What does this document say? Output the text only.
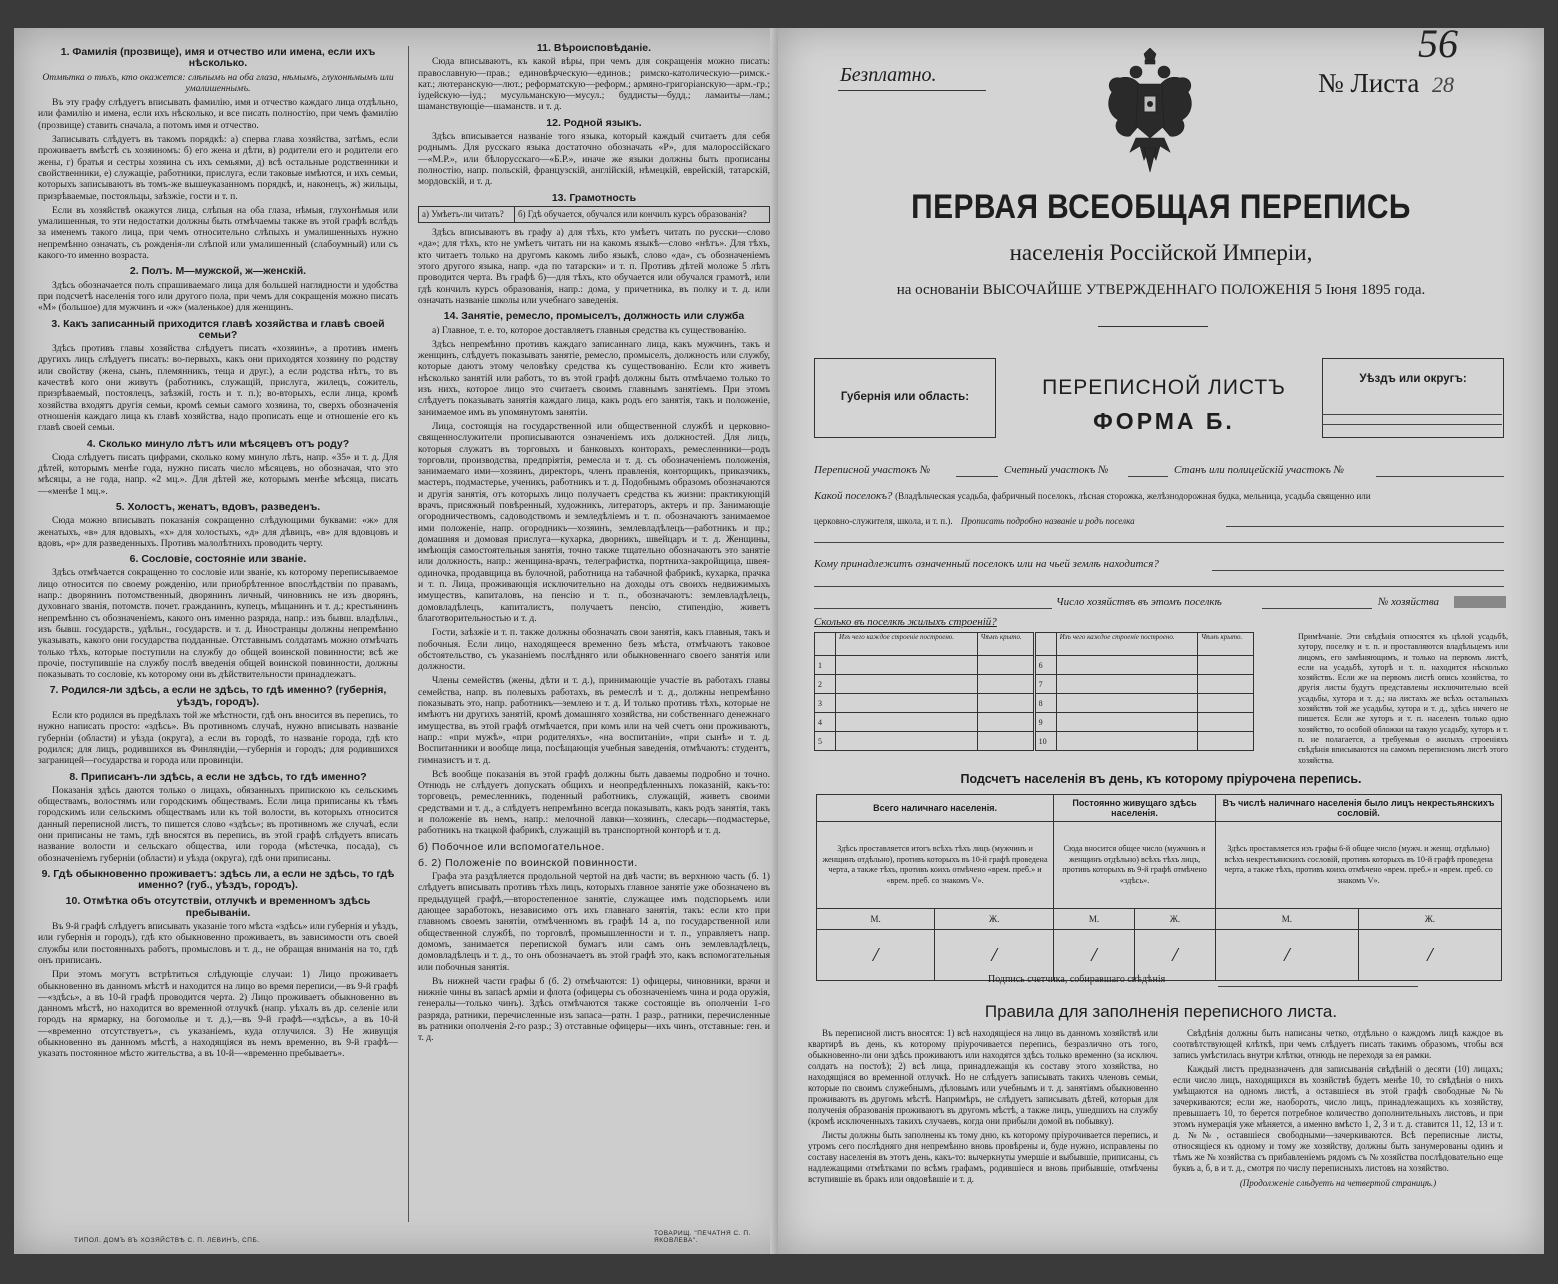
1. Фамилія (прозвище), имя и отчество или имена, если ихъ нѣсколько.
Отмѣтка о тѣхъ, кто окажется: слѣпымъ на оба глаза, нѣмымъ, глухонѣмымъ или умалишеннымъ.

Въ эту графу слѣдуетъ вписывать фамилію, имя и отчество каждаго лица отдѣльно, или фамилію и имена, если ихъ нѣсколько, и все писать полностію, при чемъ фамилію (прозвище) ставить сначала, а потомъ имя и отчество.

Записывать слѣдуетъ въ такомъ порядкѣ: а) сперва глава хозяйства, затѣмъ, если проживаетъ вмѣстѣ съ хозяиномъ: б) его жена и дѣти, в) родители его и родители его жены, г) братья и сестры хозяина съ ихъ семьями, д) всѣ остальные родственники и свойственники, е) служащіе, работники, прислуга, если таковые имѣются, и ихъ семьи, которыхъ записываютъ въ томъ-же вышеуказанномъ порядкѣ, и, наконецъ, ж) жильцы, призрѣваемые, постояльцы, заѣзжіе, гости и т. п.

Если въ хозяйствѣ окажутся лица, слѣпыя на оба глаза, нѣмыя, глухонѣмыя или умалишенныя, то эти недостатки должны быть отмѣчаемы также въ этой графѣ вслѣдъ за именемъ такого лица, при чемъ относительно слѣпыхъ и умалишенныхъ нужно непремѣнно означать, съ рожденія-ли слѣпой или умалишенный (слабоумный) или съ какого-то именно возраста.

2. Полъ. М—мужской, ж—женскій.

Здѣсь обозначается полъ спрашиваемаго лица для большей наглядности и удобства при подсчетѣ населенія того или другого пола, при чемъ для сокращенія можно писать «М» (большое) для мужчинъ и «ж» (маленькое) для женщинъ.

3. Какъ записанный приходится главѣ хозяйства и главѣ своей семьи?

Здѣсь противъ главы хозяйства слѣдуетъ писать «хозяинъ», а противъ именъ другихъ лицъ слѣдуетъ писать: во-первыхъ, какъ они приходятся хозяину по родству или свойству (жена, сынъ, племянникъ, теща и друг.), а если родства нѣтъ, то въ качествѣ кого они живутъ (работникъ, служащій, прислуга, жилецъ, сожитель, призрѣваемый, постоялецъ, заѣзжій, гость и т. п.); во-вторыхъ, если лица, кромѣ хозяйства входятъ другія семьи, кромѣ семьи самого хозяина, то, сверхъ обозначенія отношенія каждаго лица къ главѣ хозяйства, надо прописать еще и отношеніе его къ главѣ своей семьи.

4. Сколько минуло лѣтъ или мѣсяцевъ отъ роду?

Сюда слѣдуетъ писать цифрами, сколько кому минуло лѣтъ, напр. «35» и т. д. Для дѣтей, которымъ менѣе года, нужно писать число мѣсяцевъ, но обозначая, что это мѣсяцы, а не года, напр. «2 мц.». Для дѣтей же, которымъ менѣе мѣсяца, писать—«менѣе 1 мц.».

5. Холостъ, женатъ, вдовъ, разведенъ.

Сюда можно вписывать показанія сокращенно слѣдующими буквами: «ж» для женатыхъ, «в» для вдовыхъ, «х» для холостыхъ, «д» для дѣвицъ, «в» для вдовцовъ и вдовъ, «р» для разведенныхъ. Противъ малолѣтнихъ проводить черту.

6. Сословіе, состояніе или званіе.

Здѣсь отмѣчается сокращенно то сословіе или званіе, къ которому переписываемое лицо относится по своему рожденію, или приобрѣтенное впослѣдствіи по правамъ, напр.: дворянинъ потомственный, дворянинъ личный, чиновникъ не изъ дворянъ, духовнаго званія, потомств. почет. гражданинъ, купецъ, мѣщанинъ и т. д.; крестьянинъ непремѣнно съ обозначеніемъ, какого онъ именно разряда, напр.: изъ бывш. владѣльч., изъ бывш. государств., удѣльн., государств. и т. д. Иностранцы должны непремѣнно указывать, какого они государства подданные. Отставнымъ солдатамъ можно отмѣчать только тѣхъ, которые поступили на службу до общей воинской повинности; всѣ же прочіе, поступившіе на службу послѣ введенія общей воинской повинности, должны показывать то сословіе, къ которому они въ дѣйствительности принадлежатъ.

7. Родился-ли здѣсь, а если не здѣсь, то гдѣ именно? (губернія, уѣздъ, городъ).

Если кто родился въ предѣлахъ той же мѣстности, гдѣ онъ вносится въ перепись, то нужно написать просто: «здѣсь». Въ противномъ случаѣ, нужно вписывать названіе губерніи (области) и уѣзда (округа), а если въ городѣ, то названіе города, гдѣ кто родился; для лицъ, родившихся въ Финляндіи,—губернія и городъ; для родившихся заграницей—государства и города или провинціи.

8. Приписанъ-ли здѣсь, а если не здѣсь, то гдѣ именно?

Показанія здѣсь даются только о лицахъ, обязанныхъ припискою къ сельскимъ обществамъ, волостямъ или городскимъ обществамъ. Если лица приписаны къ тѣмъ городскимъ или сельскимъ обществамъ или къ той волости, въ которыхъ относится данный переписной листъ, то пишется слово «здѣсь»; въ противномъ же случаѣ, если они приписаны не тамъ, гдѣ вносятся въ перепись, въ этой графѣ слѣдуетъ вписать название волости и сельскаго общества, или города (мѣстечка, посада), съ обозначеніемъ губерніи (области) и уѣзда (округа), гдѣ они приписаны.

9. Гдѣ обыкновенно проживаетъ: здѣсь ли, а если не здѣсь, то гдѣ именно? (губ., уѣздъ, городъ).
10. Отмѣтка объ отсутствіи, отлучкѣ и временномъ здѣсь пребываніи.

Въ 9-й графѣ слѣдуетъ вписывать указаніе того мѣста «здѣсь» или губернія и уѣздъ, или губернія и городъ), гдѣ кто обыкновенно проживаетъ, въ зависимости отъ своей службы или постоянныхъ работъ, промысловъ и т. д., не обращая вниманія на то, гдѣ онъ приписанъ.

При этомъ могутъ встрѣтиться слѣдующіе случаи: 1) Лицо проживаетъ обыкновенно въ данномъ мѣстѣ и находится на лицо во время переписи,—въ 9-й графѣ—«здѣсь», а въ 10-й графѣ проводится черта. 2) Лицо проживаетъ обыкновенно въ данномъ мѣстѣ, но находится во временной отлучкѣ (напр. уѣхалъ въ др. селеніе или городъ на ярмарку, на богомолье и т. д.),—въ 9-й графѣ—«здѣсь», а въ 10-й—«временно отсутствуетъ», съ указаніемъ, куда отлучился. 3) Не живущія обыкновенно въ данномъ мѣстѣ, а находящіяся въ немъ временно, въ 9-й графѣ—указать постоянное мѣсто жительства, а въ 10-й—«временно пребываетъ».

11. Вѣроисповѣданіе.

Сюда вписываютъ, къ какой вѣры, при чемъ для сокращенія можно писать: православную—прав.; единовѣрческую—единов.; римско-католическую—римск.-кат.; лютеранскую—лют.; реформатскую—реформ.; армяно-григоріанскую—арм.-гр.; іудейскую—іуд.; мусульманскую—мусул.; буддисты—будд.; ламаиты—лам.; шаманствующіе—шаманств. и т. д.

12. Родной языкъ.

Здѣсь вписывается названіе того языка, который каждый считаетъ для себя роднымъ. Для русскаго языка достаточно обозначать «Р», для малороссійскаго—«М.Р.», или бѣлорусскаго—«Б.Р.», иначе же языки должны быть прописаны полностію, напр. польскій, французскій, англійскій, нѣмецкій, еврейскій, татарскій, мордовскій, и т. д.

13. Грамотность
а) Умѣетъ-ли читать?	б) Гдѣ обучается, обучался или кончилъ курсъ образованія?

Здѣсь вписываютъ въ графу а) для тѣхъ, кто умѣетъ читать по русски—слово «да»; для тѣхъ, кто не умѣетъ читать ни на какомъ языкѣ—слово «нѣтъ». Для тѣхъ, кто читаетъ только на другомъ какомъ либо языкѣ, слово «да», съ обозначеніемъ этого другого языка, напр. «да по татарски» и т. п. Противъ дѣтей моложе 5 лѣтъ проводится черта. Въ графѣ б)—для тѣхъ, кто обучается или обучался грамотѣ, или гдѣ кончилъ курсъ образованія, напр.: дома, у причетника, въ полку и т. д. или означать названіе школы или учебнаго заведенія.

14. Занятіе, ремесло, промыселъ, должность или служба

а) Главное, т. е. то, которое доставляетъ главныя средства къ существованію.

Здѣсь непремѣнно противъ каждаго записаннаго лица, какъ мужчинъ, такъ и женщинъ, слѣдуетъ показывать занятіе, ремесло, промыселъ, должность или службу, которые даютъ этому человѣку средства къ существованію. Если кто живетъ нѣсколько занятій или работъ, то въ этой графѣ должны быть отмѣчаемо только то изъ нихъ, которое лицо это считаетъ своимъ главнымъ занятіемъ. При этомъ слѣдуетъ показывать занятія каждаго лица, какъ родъ его занятія, такъ и положеніе, занимаемое имъ въ упомянутомъ занятіи.

Лица, состоящія на государственной или общественной службѣ и церковно-священнослужители прописываются означеніемъ ихъ должностей. Для лицъ, которыя служатъ въ торговыхъ и банковыхъ конторахъ, ремесленники—родъ торговли, производства, предпріятія, ремесла и т. д. съ обозначеніемъ положенія, занимаемаго ими—хозяинъ, директоръ, членъ правленія, конторщикъ, приказчикъ, мастеръ, подмастерье, ученикъ, работникъ и т. д. Подобнымъ образомъ обозначаются и другія занятія, отъ которыхъ лицо получаетъ средства къ жизни: практикующій врачъ, присяжный повѣренный, художникъ, литераторъ, актеръ и пр. Занимающіе огородничествомъ, садоводствомъ и земледѣліемъ и т. п. обозначаютъ занимаемое ими положеніе, напр. огородникъ—хозяинъ, землевладѣлецъ—работникъ и пр.; домашняя и домовая прислуга—кухарка, дворникъ, швейцаръ и т. д. Женщины, имѣющія самостоятельныя занятія, точно также тщательно обозначаютъ это занятіе или должность, напр.: женщина-врачъ, телеграфистка, портниха-закройщица, швея-одиночка, продавщица въ булочной, работница на табачной фабрикѣ, кухарка, прачка и т. п. Лица, проживающія исключительно на доходы отъ своихъ недвижимыхъ имуществъ, капиталовъ, на пенсію и т. п., обозначаютъ: землевладѣлецъ, домовладѣлецъ, капиталистъ, получаетъ пенсію, стипендію, живетъ благотворительностью и т. д.

Гости, заѣзжіе и т. п. также должны обозначать свои занятія, какъ главныя, такъ и побочныя. Если лицо, находящееся временно безъ мѣста, отмѣчаютъ таковое обстоятельство, съ указаніемъ послѣдняго или обыкновеннаго своего занятія или должности.

Члены семействъ (жены, дѣти и т. д.), принимающіе участіе въ работахъ главы семейства, напр. въ полевыхъ работахъ, въ ремеслѣ и т. д., должны непремѣнно показывать это, напр. работникъ—землею и т. д. И только противъ тѣхъ, которые не имѣютъ ни другихъ занятій, кромѣ домашняго хозяйства, ни собственнаго денежнаго имущества, въ этой графѣ отмѣчается, при комъ или на чей счетъ они проживаютъ, напр.: «при мужѣ», «при родителяхъ», «на воспитаніи», «при сынѣ» и т. д. Воспитанники и вообще лица, посѣщающія учебныя заведенія, отмѣчаютъ: студентъ, гимназистъ и т. д.

Всѣ вообще показанія въ этой графѣ должны быть даваемы подробно и точно. Отнюдь не слѣдуетъ допускать общихъ и неопредѣленныхъ показаній, какъ-то: торговецъ, ремесленникъ, поденный работникъ, служащій, живетъ своими средствами и т. д., а слѣдуетъ непремѣнно всегда показывать, какъ родъ занятія, такъ и положеніе въ немъ, напр.: мелочной лавки—хозяинъ, слесарь—подмастерье, работникъ на ткацкой фабрикѣ, служащій въ транспортной конторѣ и т. д.

б) Побочное или вспомогательное.
б. 2) Положеніе по воинской повинности.

Графа эта раздѣляется продольной чертой на двѣ части; въ верхнюю часть (б. 1) слѣдуетъ вписывать противъ тѣхъ лицъ, которыхъ главное занятіе уже обозначено въ предыдущей графѣ,—второстепенное занятіе, служащее имъ подспорьемъ или дающее заработокъ, независимо отъ ихъ главнаго занятія, такъ: если кто при главномъ своемъ занятіи, отмѣченномъ въ графѣ 14 а, по государственной или общественной службѣ, по торговлѣ, промышленности и т. п., управляетъ напр. домомъ, занимается перепиской бумагъ или самъ онъ землевладѣлецъ, домовладѣлецъ и т. д., то онъ обозначаетъ въ этой графѣ это, какъ вспомогательныя или побочныя занятія.

Въ нижней части графы б (б. 2) отмѣчаются: 1) офицеры, чиновники, врачи и нижніе чины въ запасѣ арміи и флота (офицеры съ обозначеніемъ чина и рода оружія, генералы—только чинъ). Здѣсь отмѣчаются также состоящіе въ ополченіи 1-го разряда, ратники, перечисленные изъ запаса—ратн. 1 разр., ратники, перечисленные въ ратники ополченія 2-го разр.; 3) отставные офицеры—ихъ чинъ, отставные: ген. и т. д.

ТИПОЛ. ДОМЪ ВЪ ХОЗЯЙСТВѢ С. П. ЛЕВИНЪ, СПБ.
ТОВАРИЩ. "ПЕЧАТНЯ С. П. ЯКОВЛЕВА".
Безплатно.
56
№ Листа 28
ПЕРВАЯ ВСЕОБЩАЯ ПЕРЕПИСЬ
населенія Россійской Имперіи,
на основаніи ВЫСОЧАЙШЕ УТВЕРЖДЕННАГО ПОЛОЖЕНІЯ 5 Іюня 1895 года.
Губернія или область:	ПЕРЕПИСНОЙ ЛИСТЪ
ФОРМА Б.
Уѣздъ или округъ:
Переписной участокъ №	Счетный участокъ №	Станъ или полицейскій участокъ №
Какой поселокъ? (Владѣльческая усадьба, фабричный поселокъ, лѣсная сторожка, желѣзнодорожная будка, мельница, усадьба священно или
церковно-служителя, школа, и т. п.). Прописать подробно названіе и родъ поселка
Кому принадлежитъ означенный поселокъ или на чьей землѣ находится?
Число хозяйствъ въ этомъ поселкѣ	№ хозяйства
Сколько въ поселкѣ жилыхъ строеній?
	Изъ чего каждое строеніе построено.	Чѣмъ крыто.		Изъ чего каждое строеніе построено.	Чѣмъ крыто.
1			6		
2			7		
3			8		
4			9		
5			10		
Примѣчаніе. Эти свѣдѣнія относятся къ цѣлой усадьбѣ, хутору, поселку и т. п. и проставляются владѣльцемъ или лицомъ, его замѣняющимъ, и только на первомъ листѣ, если на усадьбѣ, хуторѣ и т. п. находится нѣсколько хозяйствъ. Если же на первомъ листѣ опись хозяйства, то другія листы будутъ представлены исключительно всей усадьбы, хутора и т. д.; на листахъ же всѣхъ остальныхъ хозяйствъ той же усадьбы, хутора и т. д., здѣсь ничего не пишется. Если же хуторъ и т. п. населенъ только одно хозяйство, то особой обложки на такую усадьбу, хуторъ и т. п. не полагается, а требуемыя о жилыхъ строеніяхъ свѣдѣнія вписываются на самомъ переписномъ листѣ этого хозяйства.
Подсчетъ населенія въ день, къ которому пріурочена перепись.
Всего наличнаго населенія.		Постоянно живущаго здѣсь населенія.		Въ числѣ наличнаго населенія было лицъ некрестьянскихъ сословій.	
Здѣсь проставляется итогъ всѣхъ тѣхъ лицъ (мужчинъ и женщинъ отдѣльно), противъ которыхъ въ 10-й графѣ проведена черта, а также тѣхъ, противъ коихъ отмѣчено «врем. преб.» и «врем. преб. со знакомъ V».		Сюда вносится общее число (мужчинъ и женщинъ отдѣльно) всѣхъ тѣхъ лицъ, противъ которыхъ въ 9-й графѣ отмѣчено «здѣсь».		Здѣсь проставляется изъ графы 6-й общее число (мужч. и женщ. отдѣльно) всѣхъ некрестьянскихъ сословій, противъ которыхъ въ 10-й графѣ проведена черта, а также тѣхъ, противъ коихъ отмѣчено «врем. преб.» и «врем. преб. со знакомъ V».	
М.	Ж.	М.	Ж.	М.	Ж.
/	/	/	/	/	/
Подпись счетчика, собиравшаго свѣдѣнія
Правила для заполненія переписного листа.

Въ переписной листъ вносятся: 1) всѣ находящіеся на лицо въ данномъ хозяйствѣ или квартирѣ въ день, къ которому пріурочивается перепись, безразлично отъ того, обыкновенно-ли они здѣсь проживаютъ или находятся здѣсь только временно (за исключ. солдатъ на постоѣ); 2) всѣ лица, принадлежащія къ составу этого хозяйства, но находящіяся во временной отлучкѣ. Но не слѣдуетъ записывать такихъ членовъ семьи, которые по своимъ служебнымъ, дѣловымъ или учебнымъ и т. д. занятіямъ обыкновенно проживаютъ въ другомъ мѣстѣ. Напримѣръ, не слѣдуетъ записывать дѣтей, которыя для полученія образованія проживаютъ въ другомъ мѣстѣ, а также лицъ, ушедшихъ на службу (кромѣ исключенныхъ такихъ случаевъ, когда они прибыли домой въ побывку).

Листы должны быть заполнены къ тому дню, къ которому пріурочивается перепись, и утромъ сего послѣдняго дня непремѣнно вновь провѣрены и, буде нужно, исправлены по составу населенія въ этотъ день, какъ-то: вычеркнуты умершіе и выбывшіе, приписаны, съ надлежащими отмѣтками по всѣмъ графамъ, родившіеся и вновь прибывшіе, отмѣчены вступившіе въ бракъ или овдовѣвшіе и т. д.

Свѣдѣнія должны быть написаны четко, отдѣльно о каждомъ лицѣ каждое въ соотвѣтствующей клѣткѣ, при чемъ слѣдуетъ писать такимъ образомъ, чтобы вся запись умѣстилась внутри клѣтки, отнюдь не переходя за ея рамки.

Каждый листъ предназначенъ для записыванія свѣдѣній о десяти (10) лицахъ; если число лицъ, находящихся въ хозяйствѣ будетъ менѣе 10, то свѣдѣнія о нихъ умѣщаются на одномъ листѣ, а оставшіеся въ этой графѣ свободные №№ зачеркиваются; если же, наоборотъ, число лицъ, принадлежащихъ къ хозяйству, превышаетъ 10, то берется потребное количество дополнительныхъ листовъ, и при этомъ нумерація уже мѣняется, а именно вмѣсто 1, 2, 3 и т. д. ставится 11, 12, 13 и т. д. №№, оставшіеся свободными—зачеркиваются. Всѣ переписные листы, относящіеся къ одному и тому же хозяйству, должны быть занумерованы одинъ и тѣмъ же № хозяйства съ прибавленіемъ рядомъ съ № хозяйства послѣдовательно еще буквъ а, б, в и т. д., смотря по числу переписныхъ листовъ на хозяйство.

(Продолженіе слѣдуетъ на четвертой страницѣ.)
